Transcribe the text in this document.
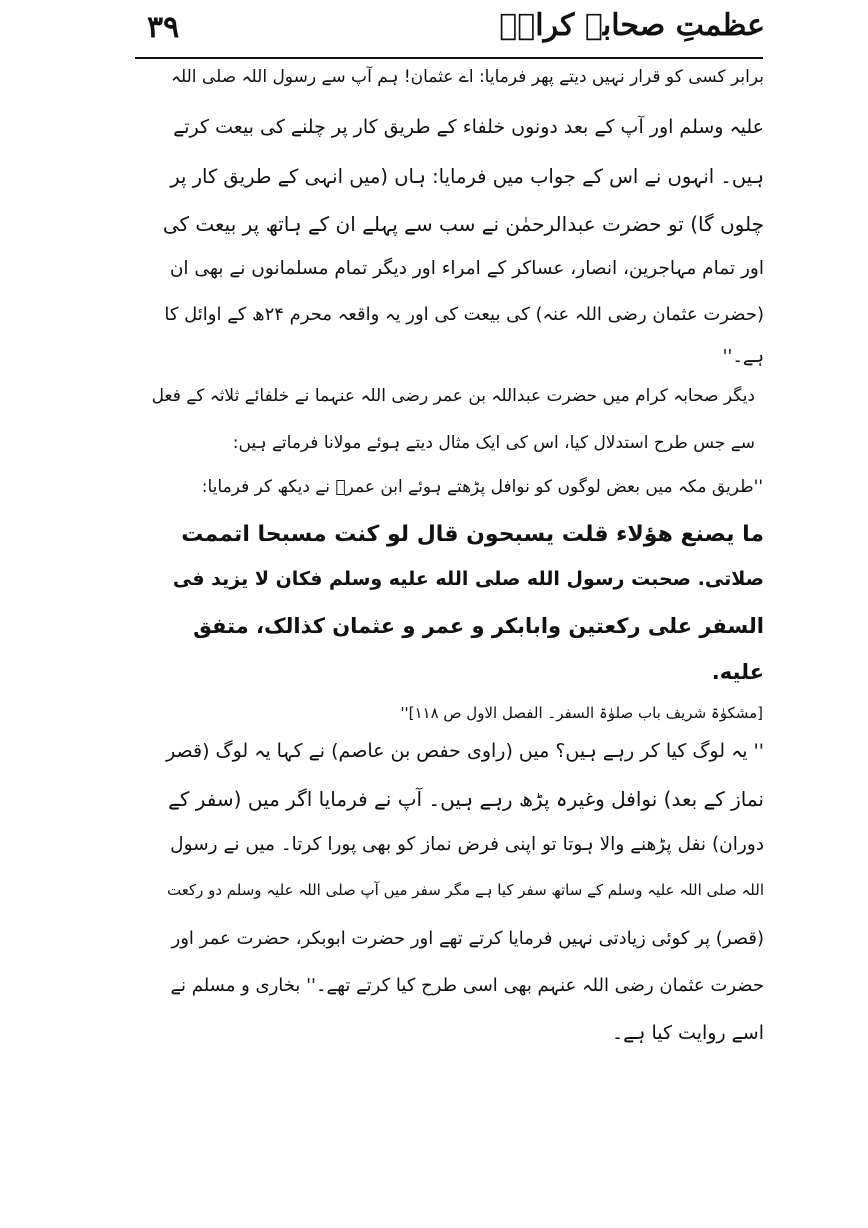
۳۹	عظمتِ صحابہ کرامؓ
برابر کسی کو قرار نہیں دیتے پھر فرمایا: اے عثمان! ہم آپ سے رسول اللہ صلی اللہ
علیہ وسلم اور آپ کے بعد دونوں خلفاء کے طریق کار پر چلنے کی بیعت کرتے
ہیں۔ انہوں نے اس کے جواب میں فرمایا: ہاں (میں انہی کے طریق کار پر
چلوں گا) تو حضرت عبدالرحمٰن نے سب سے پہلے ان کے ہاتھ پر بیعت کی
اور تمام مہاجرین، انصار، عساکر کے امراء اور دیگر تمام مسلمانوں نے بھی ان
(حضرت عثمان رضی اللہ عنہ) کی بیعت کی اور یہ واقعہ محرم ۲۴ھ کے اوائل کا
ہے۔''
دیگر صحابہ کرام میں حضرت عبداللہ بن عمر رضی اللہ عنہما نے خلفائے ثلاثہ کے فعل
سے جس طرح استدلال کیا، اس کی ایک مثال دیتے ہوئے مولانا فرماتے ہیں:
''طریق مکہ میں بعض لوگوں کو نوافل پڑھتے ہوئے ابن عمرؓ نے دیکھ کر فرمایا:
ما یصنع هؤلاء قلت یسبحون قال لو کنت مسبحا اتممت
صلاتی. صحبت رسول الله صلی الله علیه وسلم فکان لا یزید فی
السفر علی رکعتین وابابکر و عمر و عثمان کذالک، متفق
علیه.
[مشکوٰۃ شریف باب صلوٰۃ السفر۔ الفصل الاول ص ۱۱۸]''
'' یہ لوگ کیا کر رہے ہیں؟ میں (راوی حفص بن عاصم) نے کہا یہ لوگ (قصر
نماز کے بعد) نوافل وغیرہ پڑھ رہے ہیں۔ آپ نے فرمایا اگر میں (سفر کے
دوران) نفل پڑھنے والا ہوتا تو اپنی فرض نماز کو بھی پورا کرتا۔ میں نے رسول
اللہ صلی اللہ علیہ وسلم کے ساتھ سفر کیا ہے مگر سفر میں آپ صلی اللہ علیہ وسلم دو رکعت
(قصر) پر کوئی زیادتی نہیں فرمایا کرتے تھے اور حضرت ابوبکر، حضرت عمر اور
حضرت عثمان رضی اللہ عنہم بھی اسی طرح کیا کرتے تھے۔'' بخاری و مسلم نے
اسے روایت کیا ہے۔
